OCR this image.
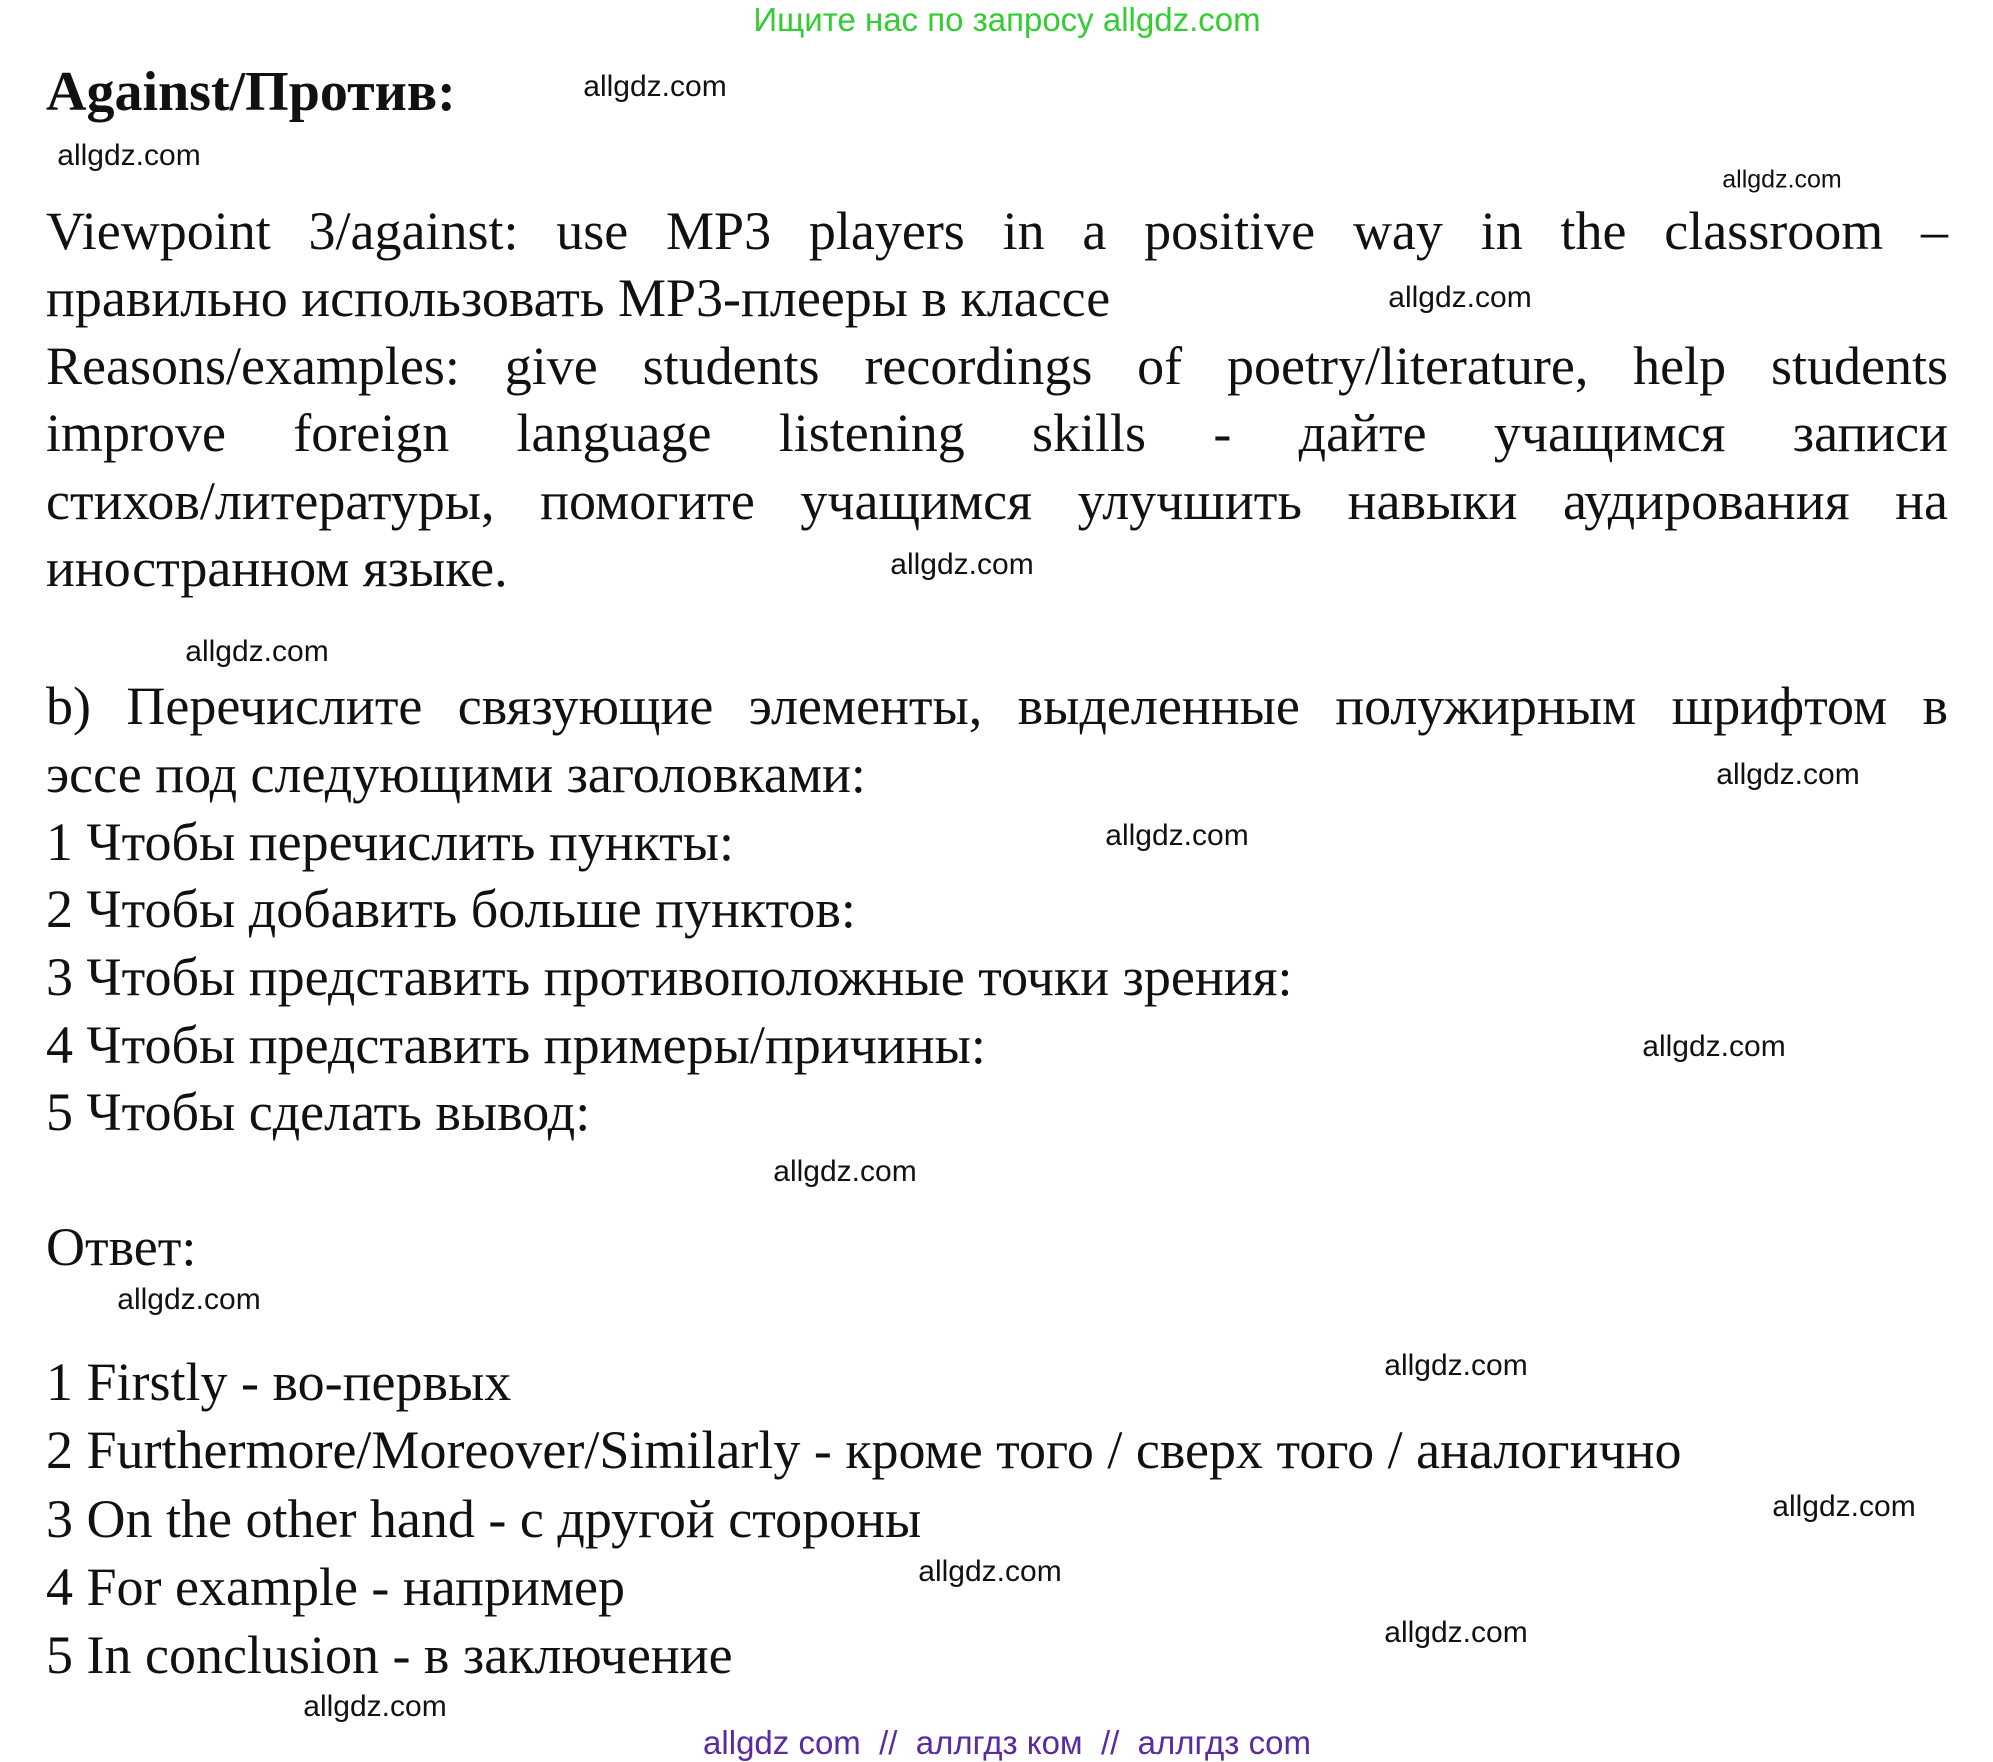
Ищите нас по запросу allgdz.com
Against/Против:
Viewpoint 3/against: use MP3 players in a positive way in the classroom –
правильно использовать MP3-плееры в классе
Reasons/examples: give students recordings of poetry/literature, help students
improve foreign language listening skills - дайте учащимся записи
стихов/литературы, помогите учащимся улучшить навыки аудирования на
иностранном языке.
b) Перечислите связующие элементы, выделенные полужирным шрифтом в
эссе под следующими заголовками:
1 Чтобы перечислить пункты:
2 Чтобы добавить больше пунктов:
3 Чтобы представить противоположные точки зрения:
4 Чтобы представить примеры/причины:
5 Чтобы сделать вывод:
Ответ:
1 Firstly - во-первых
2 Furthermore/Moreover/Similarly - кроме того / сверх того / аналогично
3 On the other hand - с другой стороны
4 For example - например
5 In conclusion - в заключение
allgdz.com
allgdz.com
allgdz.com
allgdz.com
allgdz.com
allgdz.com
allgdz.com
allgdz.com
allgdz.com
allgdz.com
allgdz.com
allgdz.com
allgdz.com
allgdz.com
allgdz.com
allgdz.com
allgdz com  //  аллгдз ком  //  аллгдз com
